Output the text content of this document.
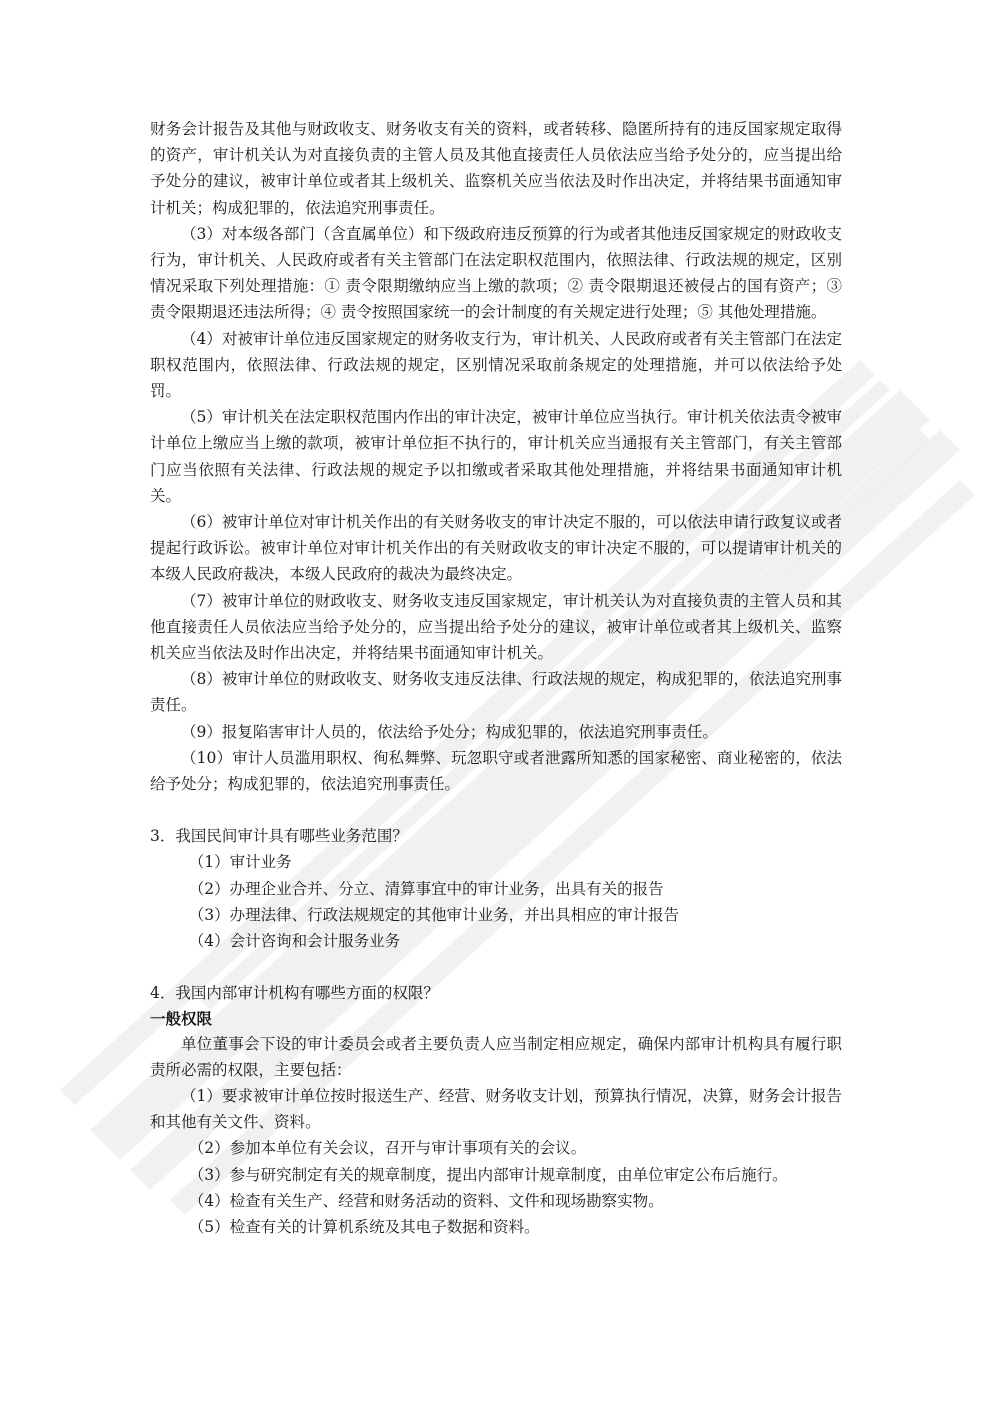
财务会计报告及其他与财政收支、财务收支有关的资料，或者转移、隐匿所持有的违反国家规定取得的资产，审计机关认为对直接负责的主管人员及其他直接责任人员依法应当给予处分的，应当提出给予处分的建议，被审计单位或者其上级机关、监察机关应当依法及时作出决定，并将结果书面通知审计机关；构成犯罪的，依法追究刑事责任。

（3）对本级各部门（含直属单位）和下级政府违反预算的行为或者其他违反国家规定的财政收支行为，审计机关、人民政府或者有关主管部门在法定职权范围内，依照法律、行政法规的规定，区别情况采取下列处理措施：① 责令限期缴纳应当上缴的款项；② 责令限期退还被侵占的国有资产；③ 责令限期退还违法所得；④ 责令按照国家统一的会计制度的有关规定进行处理；⑤ 其他处理措施。

（4）对被审计单位违反国家规定的财务收支行为，审计机关、人民政府或者有关主管部门在法定职权范围内，依照法律、行政法规的规定，区别情况采取前条规定的处理措施，并可以依法给予处罚。

（5）审计机关在法定职权范围内作出的审计决定，被审计单位应当执行。审计机关依法责令被审计单位上缴应当上缴的款项，被审计单位拒不执行的，审计机关应当通报有关主管部门，有关主管部门应当依照有关法律、行政法规的规定予以扣缴或者采取其他处理措施，并将结果书面通知审计机关。

（6）被审计单位对审计机关作出的有关财务收支的审计决定不服的，可以依法申请行政复议或者提起行政诉讼。被审计单位对审计机关作出的有关财政收支的审计决定不服的，可以提请审计机关的本级人民政府裁决，本级人民政府的裁决为最终决定。

（7）被审计单位的财政收支、财务收支违反国家规定，审计机关认为对直接负责的主管人员和其他直接责任人员依法应当给予处分的，应当提出给予处分的建议，被审计单位或者其上级机关、监察机关应当依法及时作出决定，并将结果书面通知审计机关。

（8）被审计单位的财政收支、财务收支违反法律、行政法规的规定，构成犯罪的，依法追究刑事责任。

（9）报复陷害审计人员的，依法给予处分；构成犯罪的，依法追究刑事责任。

（10）审计人员滥用职权、徇私舞弊、玩忽职守或者泄露所知悉的国家秘密、商业秘密的，依法给予处分；构成犯罪的，依法追究刑事责任。

3．我国民间审计具有哪些业务范围？

（1）审计业务

（2）办理企业合并、分立、清算事宜中的审计业务，出具有关的报告

（3）办理法律、行政法规规定的其他审计业务，并出具相应的审计报告

（4）会计咨询和会计服务业务

4．我国内部审计机构有哪些方面的权限？

一般权限

单位董事会下设的审计委员会或者主要负责人应当制定相应规定，确保内部审计机构具有履行职责所必需的权限，主要包括：

（1）要求被审计单位按时报送生产、经营、财务收支计划，预算执行情况，决算，财务会计报告和其他有关文件、资料。

（2）参加本单位有关会议，召开与审计事项有关的会议。

（3）参与研究制定有关的规章制度，提出内部审计规章制度，由单位审定公布后施行。

（4）检查有关生产、经营和财务活动的资料、文件和现场勘察实物。

（5）检查有关的计算机系统及其电子数据和资料。
